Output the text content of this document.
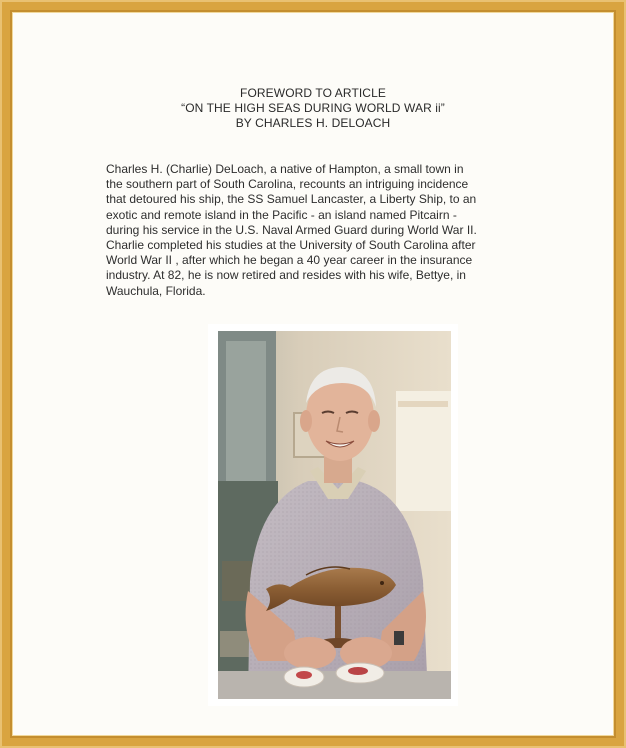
FOREWORD TO ARTICLE
“ON THE HIGH SEAS DURING WORLD WAR ii”
BY CHARLES H. DELOACH
Charles H. (Charlie) DeLoach, a native of Hampton, a small town in
the southern part of South Carolina, recounts an intriguing incidence
that detoured his ship, the SS Samuel Lancaster, a Liberty Ship, to an
exotic and remote island in the Pacific - an island named Pitcairn -
during his service in the U.S. Naval Armed Guard during World War II.
Charlie completed his studies at the University of South Carolina after
World War II , after which he began a 40 year career in the insurance
industry. At 82, he is now retired and resides with his wife, Bettye, in
Wauchula, Florida.
